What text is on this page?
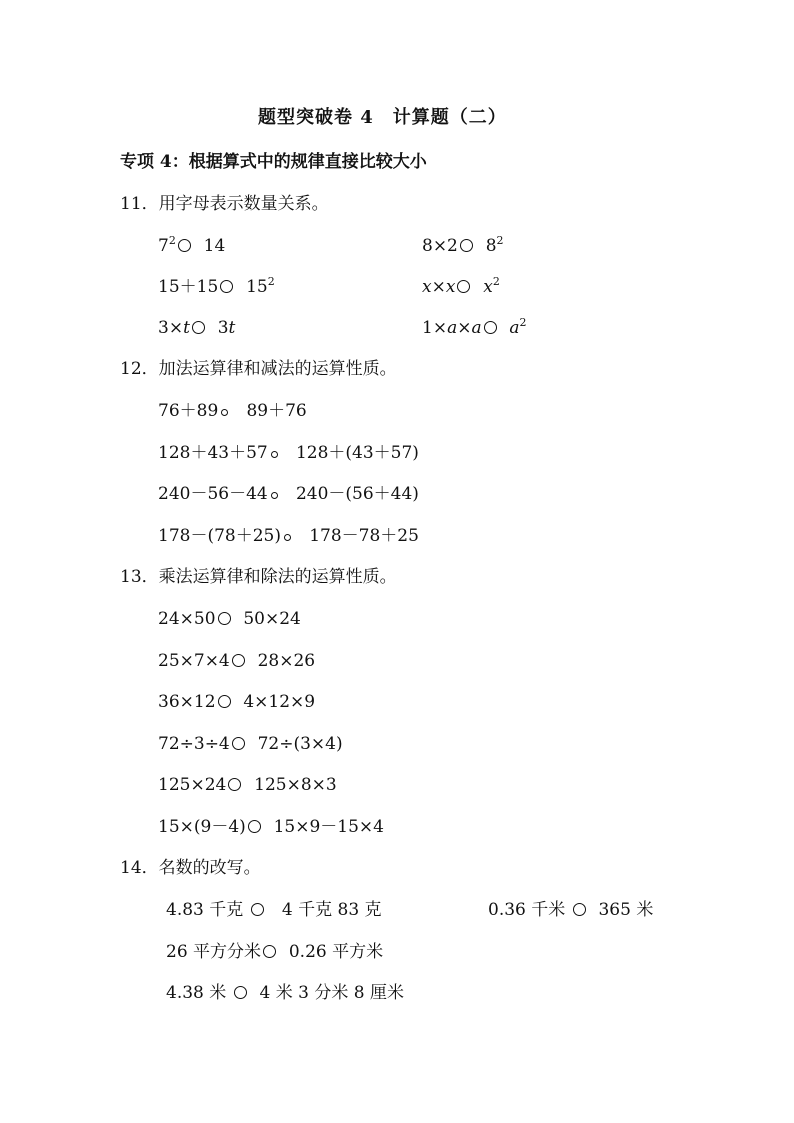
题型突破卷 4　计算题（二）
专项 4：根据算式中的规律直接比较大小
11．用字母表示数量关系。
$7^2$ 14	8×2 $8^2$
15＋15 $15^2$	x×x $x^2$
3×t 3t	1×a×a $a^2$
12．加法运算律和减法的运算性质。
76＋89 89＋76
128＋43＋57 128＋(43＋57)
240－56－44 240－(56＋44)
178－(78＋25) 178－78＋25
13．乘法运算律和除法的运算性质。
24×50 50×24
25×7×4 28×26
36×12 4×12×9
72÷3÷4 72÷(3×4)
125×24 125×8×3
15×(9－4) 15×9－15×4
14．名数的改写。
4.83 千克 4 千克 83 克	0.36 千米 365 米
26 平方分米 0.26 平方米
4.38 米 4 米 3 分米 8 厘米
